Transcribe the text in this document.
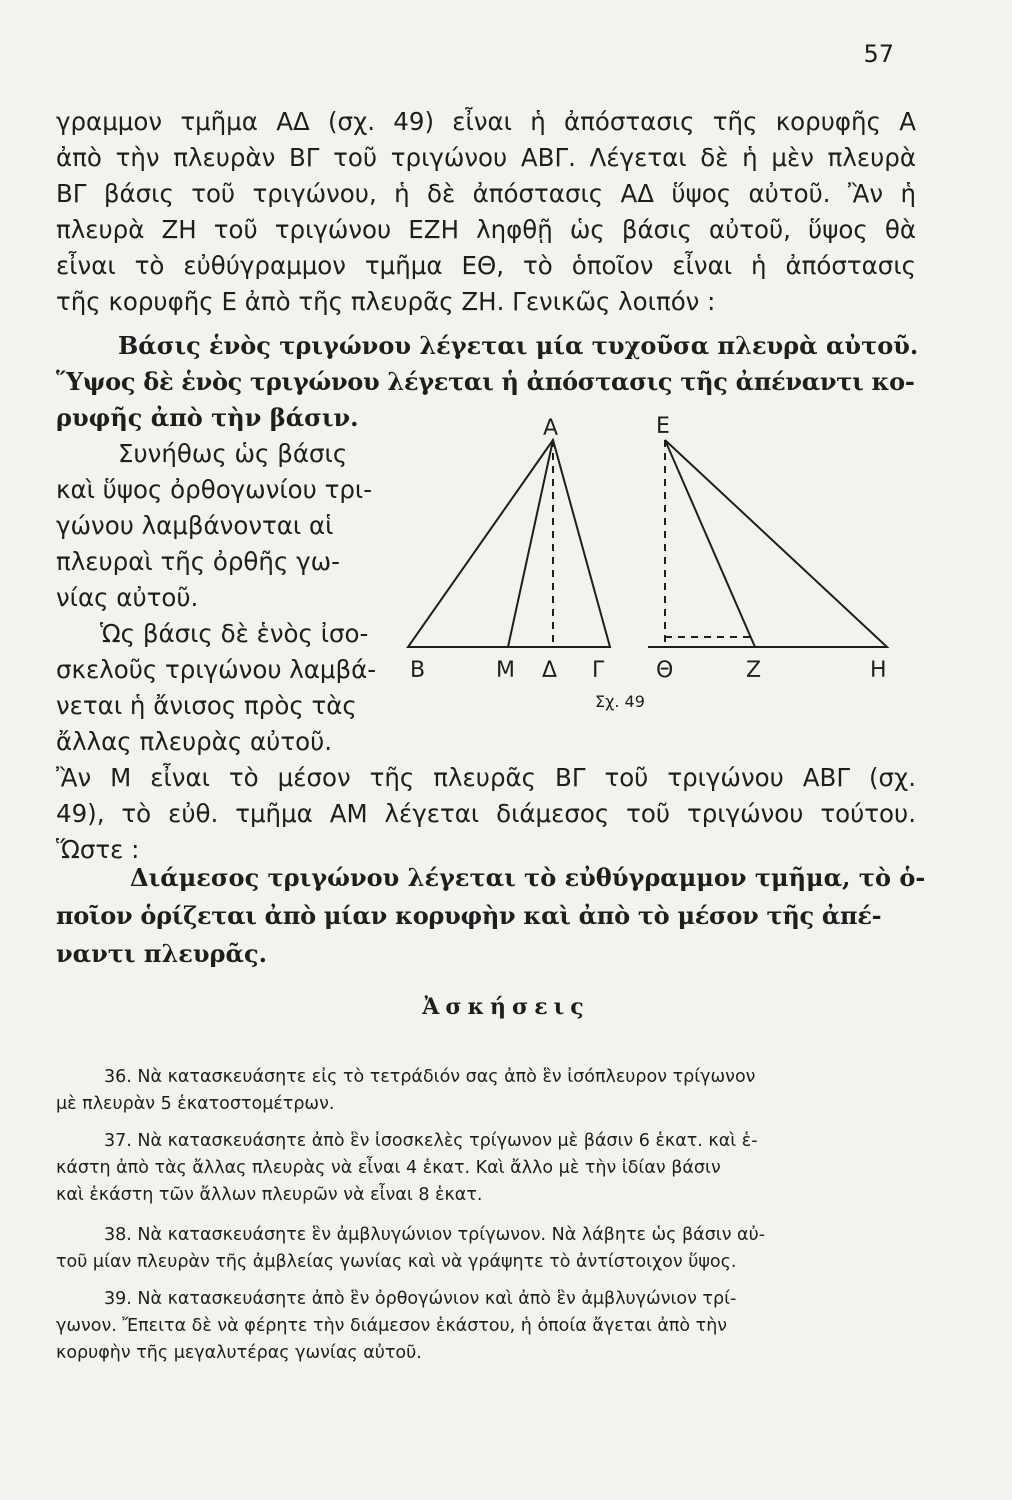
57
γραμμον τμῆμα ΑΔ (σχ. 49) εἶναι ἡ ἀπόστασις τῆς κορυφῆς Α
ἀπὸ τὴν πλευρὰν ΒΓ τοῦ τριγώνου ΑΒΓ. Λέγεται δὲ ἡ μὲν πλευρὰ
ΒΓ βάσις τοῦ τριγώνου, ἡ δὲ ἀπόστασις ΑΔ ὕψος αὐτοῦ. Ἂν ἡ
πλευρὰ ΖΗ τοῦ τριγώνου ΕΖΗ ληφθῇ ὡς βάσις αὐτοῦ, ὕψος θὰ
εἶναι τὸ εὐθύγραμμον τμῆμα ΕΘ, τὸ ὁποῖον εἶναι ἡ ἀπόστασις
τῆς κορυφῆς Ε ἀπὸ τῆς πλευρᾶς ΖΗ. Γενικῶς λοιπόν :
Βάσις ἑνὸς τριγώνου λέγεται μία τυχοῦσα πλευρὰ αὐτοῦ.
Ὕψος δὲ ἑνὸς τριγώνου λέγεται ἡ ἀπόστασις τῆς ἀπέναντι κο-
ρυφῆς ἀπὸ τὴν βάσιν.
Συνήθως ὡς βάσις
καὶ ὕψος ὀρθογωνίου τρι-
γώνου λαμβάνονται αἱ
πλευραὶ τῆς ὀρθῆς γω-
νίας αὐτοῦ.
Ὡς βάσις δὲ ἑνὸς ἰσο-
σκελοῦς τριγώνου λαμβά-
νεται ἡ ἄνισος πρὸς τὰς
ἄλλας πλευρὰς αὐτοῦ.
Α	Ε
Β	Μ Δ Γ Θ	Ζ	Η
Σχ. 49
Ἂν Μ εἶναι τὸ μέσον τῆς πλευρᾶς ΒΓ τοῦ τριγώνου ΑΒΓ (σχ.
49), τὸ εὐθ. τμῆμα ΑΜ λέγεται διάμεσος τοῦ τριγώνου τούτου.
Ὥστε :
Διάμεσος τριγώνου λέγεται τὸ εὐθύγραμμον τμῆμα, τὸ ὁ-
ποῖον ὁρίζεται ἀπὸ μίαν κορυφὴν καὶ ἀπὸ τὸ μέσον τῆς ἀπέ-
ναντι πλευρᾶς.
Ἀσκήσεις
36. Νὰ κατασκευάσητε εἰς τὸ τετράδιόν σας ἀπὸ ἓν ἰσόπλευρον τρίγωνον
μὲ πλευρὰν 5 ἑκατοστομέτρων.
37. Νὰ κατασκευάσητε ἀπὸ ἓν ἰσοσκελὲς τρίγωνον μὲ βάσιν 6 ἑκατ. καὶ ἑ-
κάστη ἀπὸ τὰς ἄλλας πλευρὰς νὰ εἶναι 4 ἑκατ. Καὶ ἄλλο μὲ τὴν ἰδίαν βάσιν
καὶ ἑκάστη τῶν ἄλλων πλευρῶν νὰ εἶναι 8 ἑκατ.
38. Νὰ κατασκευάσητε ἓν ἀμβλυγώνιον τρίγωνον. Νὰ λάβητε ὡς βάσιν αὐ-
τοῦ μίαν πλευρὰν τῆς ἀμβλείας γωνίας καὶ νὰ γράψητε τὸ ἀντίστοιχον ὕψος.
39. Νὰ κατασκευάσητε ἀπὸ ἓν ὀρθογώνιον καὶ ἀπὸ ἓν ἀμβλυγώνιον τρί-
γωνον. Ἔπειτα δὲ νὰ φέρητε τὴν διάμεσον ἑκάστου, ἡ ὁποία ἄγεται ἀπὸ τὴν
κορυφὴν τῆς μεγαλυτέρας γωνίας αὐτοῦ.
